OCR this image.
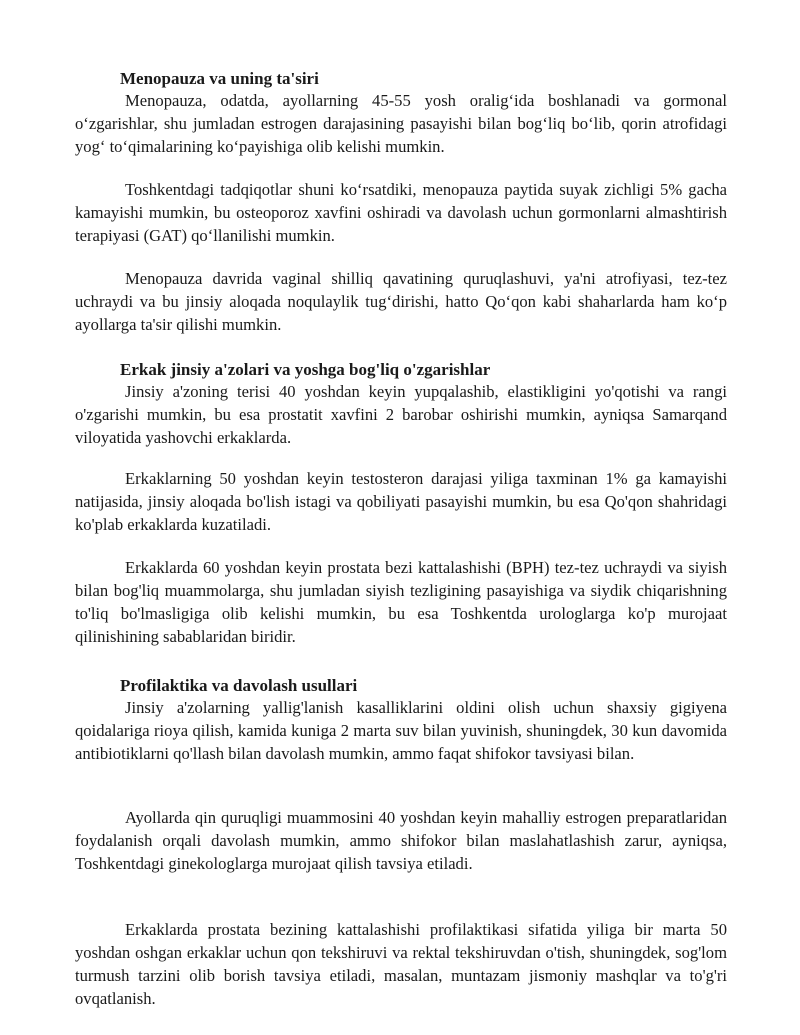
Menopauza va uning ta'siri

Menopauza, odatda, ayollarning 45-55 yosh oralig‘ida boshlanadi va gormonal o‘zgarishlar, shu jumladan estrogen darajasining pasayishi bilan bog‘liq bo‘lib, qorin atrofidagi yog‘ to‘qimalarining ko‘payishiga olib kelishi mumkin.

Toshkentdagi tadqiqotlar shuni ko‘rsatdiki, menopauza paytida suyak zichligi 5% gacha kamayishi mumkin, bu osteoporoz xavfini oshiradi va davolash uchun gormonlarni almashtirish terapiyasi (GAT) qo‘llanilishi mumkin.

Menopauza davrida vaginal shilliq qavatining quruqlashuvi, ya'ni atrofiyasi, tez-tez uchraydi va bu jinsiy aloqada noqulaylik tug‘dirishi, hatto Qo‘qon kabi shaharlarda ham ko‘p ayollarga ta'sir qilishi mumkin.

Erkak jinsiy a'zolari va yoshga bog'liq o'zgarishlar

Jinsiy a'zoning terisi 40 yoshdan keyin yupqalashib, elastikligini yo'qotishi va rangi o'zgarishi mumkin, bu esa prostatit xavfini 2 barobar oshirishi mumkin, ayniqsa Samarqand viloyatida yashovchi erkaklarda.

Erkaklarning 50 yoshdan keyin testosteron darajasi yiliga taxminan 1% ga kamayishi natijasida, jinsiy aloqada bo'lish istagi va qobiliyati pasayishi mumkin, bu esa Qo'qon shahridagi ko'plab erkaklarda kuzatiladi.

Erkaklarda 60 yoshdan keyin prostata bezi kattalashishi (BPH) tez-tez uchraydi va siyish bilan bog'liq muammolarga, shu jumladan siyish tezligining pasayishiga va siydik chiqarishning to'liq bo'lmasligiga olib kelishi mumkin, bu esa Toshkentda urologlarga ko'p murojaat qilinishining sabablaridan biridir.

Profilaktika va davolash usullari

Jinsiy a'zolarning yallig'lanish kasalliklarini oldini olish uchun shaxsiy gigiyena qoidalariga rioya qilish, kamida kuniga 2 marta suv bilan yuvinish, shuningdek, 30 kun davomida antibiotiklarni qo'llash bilan davolash mumkin, ammo faqat shifokor tavsiyasi bilan.

Ayollarda qin quruqligi muammosini 40 yoshdan keyin mahalliy estrogen preparatlaridan foydalanish orqali davolash mumkin, ammo shifokor bilan maslahatlashish zarur, ayniqsa, Toshkentdagi ginekologlarga murojaat qilish tavsiya etiladi.

Erkaklarda prostata bezining kattalashishi profilaktikasi sifatida yiliga bir marta 50 yoshdan oshgan erkaklar uchun qon tekshiruvi va rektal tekshiruvdan o'tish, shuningdek, sog'lom turmush tarzini olib borish tavsiya etiladi, masalan, muntazam jismoniy mashqlar va to'g'ri ovqatlanish.
